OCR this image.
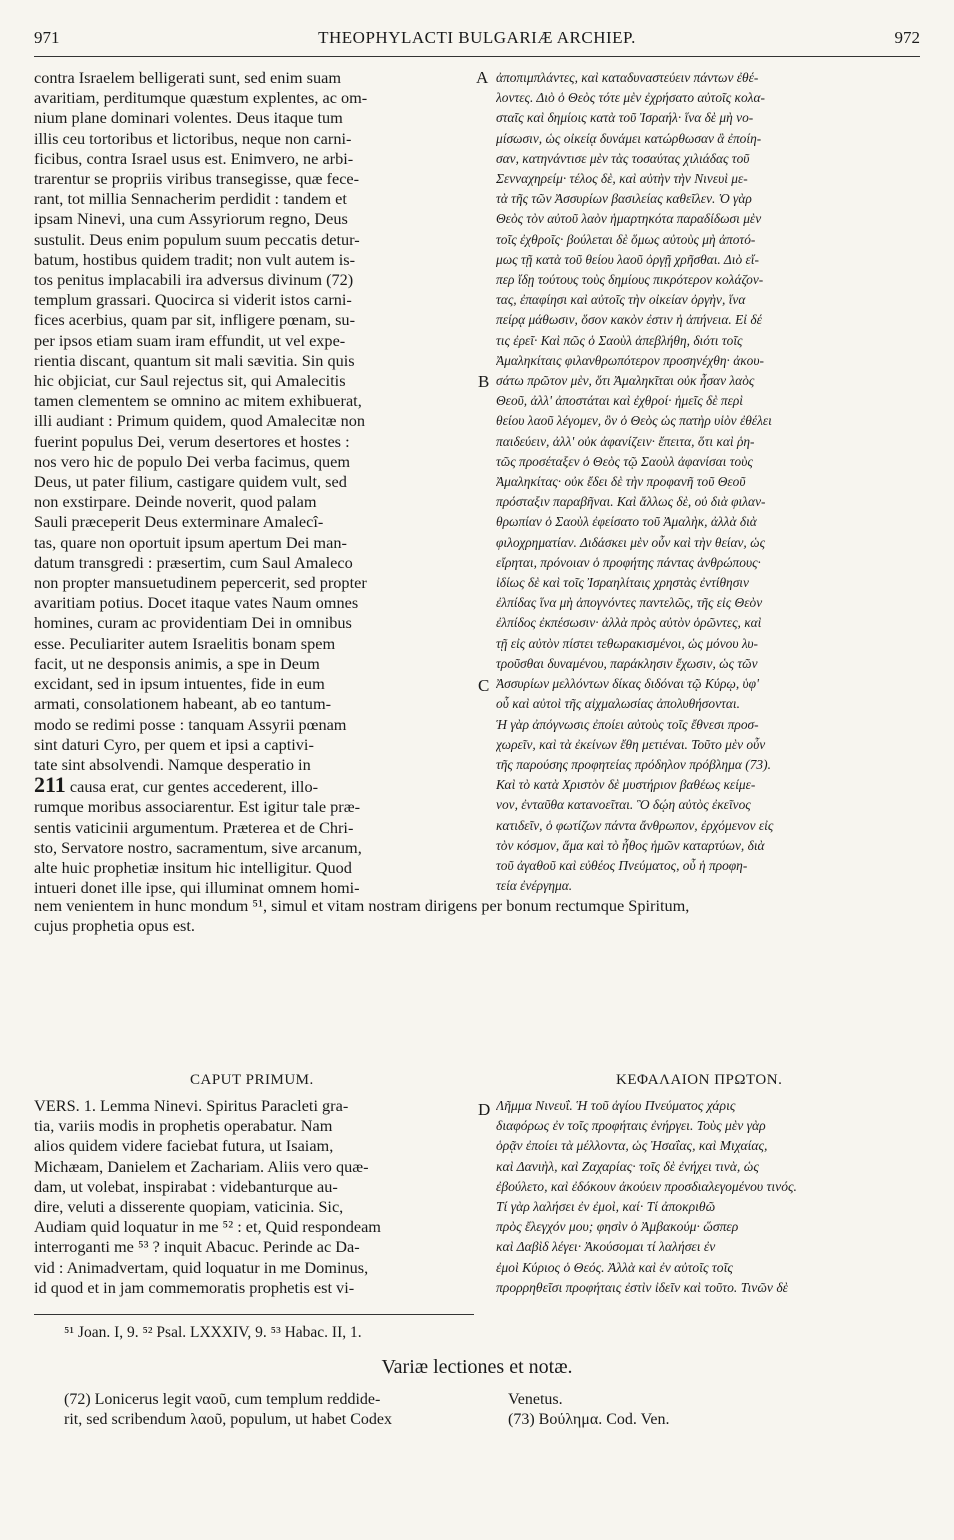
971	THEOPHYLACTI BULGARIÆ ARCHIEP.	972
contra Israelem belligerati sunt, sed enim suam
avaritiam, perditumque quæstum explentes, ac om-
nium plane dominari volentes. Deus itaque tum
illis ceu tortoribus et lictoribus, neque non carni-
ficibus, contra Israel usus est. Enimvero, ne arbi-
trarentur se propriis viribus transegisse, quæ fece-
rant, tot millia Sennacherim perdidit : tandem et
ipsam Ninevi, una cum Assyriorum regno, Deus
sustulit. Deus enim populum suum peccatis detur-
batum, hostibus quidem tradit; non vult autem is-
tos penitus implacabili ira adversus divinum (72)
templum grassari. Quocirca si viderit istos carni-
fices acerbius, quam par sit, infligere pœnam, su-
per ipsos etiam suam iram effundit, ut vel expe-
rientia discant, quantum sit mali sævitia. Sin quis
hic objiciat, cur Saul rejectus sit, qui Amalecitis
tamen clementem se omnino ac mitem exhibuerat,
illi audiant : Primum quidem, quod Amalecitæ non
fuerint populus Dei, verum desertores et hostes :
nos vero hic de populo Dei verba facimus, quem
Deus, ut pater filium, castigare quidem vult, sed
non exstirpare. Deinde noverit, quod palam
Sauli præceperit Deus exterminare Amalecî-
tas, quare non oportuit ipsum apertum Dei man-
datum transgredi : præsertim, cum Saul Amaleco
non propter mansuetudinem pepercerit, sed propter
avaritiam potius. Docet itaque vates Naum omnes
homines, curam ac providentiam Dei in omnibus
esse. Peculiariter autem Israelitis bonam spem
facit, ut ne desponsis animis, a spe in Deum
excidant, sed in ipsum intuentes, fide in eum
armati, consolationem habeant, ab eo tantum-
modo se redimi posse : tanquam Assyrii pœnam
sint daturi Cyro, per quem et ipsi a captivi-
tate sint absolvendi. Namque desperatio in
211 causa erat, cur gentes accederent, illo-
rumque moribus associarentur. Est igitur tale præ-
sentis vaticinii argumentum. Præterea et de Chri-
sto, Servatore nostro, sacramentum, sive arcanum,
alte huic prophetiæ insitum hic intelligitur. Quod
intueri donet ille ipse, qui illuminat omnem homi-
ἀποπιμπλάντες, καὶ καταδυναστεύειν πάντων ἐθέ-
λοντες. Διὸ ὁ Θεὸς τότε μὲν ἐχρήσατο αὐτοῖς κολα-
σταῖς καὶ δημίοις κατὰ τοῦ Ἰσραήλ· ἵνα δὲ μὴ νο-
μίσωσιν, ὡς οἰκείᾳ δυνάμει κατώρθωσαν ἃ ἐποίη-
σαν, κατηνάντισε μὲν τὰς τοσαύτας χιλιάδας τοῦ
Σενναχηρείμ· τέλος δὲ, καὶ αὐτὴν τὴν Νινευὶ με-
τὰ τῆς τῶν Ἀσσυρίων βασιλείας καθεῖλεν. Ὁ γὰρ
Θεὸς τὸν αὐτοῦ λαὸν ἡμαρτηκότα παραδίδωσι μὲν
τοῖς ἐχθροῖς· βούλεται δὲ ὅμως αὐτοὺς μὴ ἀποτό-
μως τῇ κατὰ τοῦ θείου λαοῦ ὀργῇ χρῆσθαι. Διὸ εἴ-
περ ἴδῃ τούτους τοὺς δημίους πικρότερον κολάζον-
τας, ἐπαφίησι καὶ αὐτοῖς τὴν οἰκείαν ὀργὴν, ἵνα
πείρᾳ μάθωσιν, ὅσον κακὸν ἐστιν ἡ ἀπήνεια. Εἰ δέ
τις ἐρεῖ· Καὶ πῶς ὁ Σαοὺλ ἀπεβλήθη, διότι τοῖς
Ἀμαληκίταις φιλανθρωπότερον προσηνέχθη· ἀκου-
σάτω πρῶτον μὲν, ὅτι Ἀμαληκῖται οὐκ ἦσαν λαὸς
Θεοῦ, ἀλλ' ἀποστάται καὶ ἐχθροί· ἡμεῖς δὲ περὶ
θείου λαοῦ λέγομεν, ὃν ὁ Θεὸς ὡς πατὴρ υἱὸν ἐθέλει
παιδεύειν, ἀλλ' οὐκ ἀφανίζειν· ἔπειτα, ὅτι καὶ ῥη-
τῶς προσέταξεν ὁ Θεὸς τῷ Σαοὺλ ἀφανίσαι τοὺς
Ἀμαληκίτας· οὐκ ἔδει δὲ τὴν προφανῆ τοῦ Θεοῦ
πρόσταξιν παραβῆναι. Καὶ ἄλλως δὲ, οὐ διὰ φιλαν-
θρωπίαν ὁ Σαοὺλ ἐφείσατο τοῦ Ἀμαλὴκ, ἀλλὰ διὰ
φιλοχρηματίαν. Διδάσκει μὲν οὖν καὶ τὴν θείαν, ὡς
εἴρηται, πρόνοιαν ὁ προφήτης πάντας ἀνθρώπους·
ἰδίως δὲ καὶ τοῖς Ἰσραηλίταις χρηστὰς ἐντίθησιν
ἐλπίδας ἵνα μὴ ἀπογνόντες παντελῶς, τῆς εἰς Θεὸν
ἐλπίδος ἐκπέσωσιν· ἀλλὰ πρὸς αὐτὸν ὁρῶντες, καὶ
τῇ εἰς αὐτὸν πίστει τεθωρακισμένοι, ὡς μόνου λυ-
τροῦσθαι δυναμένου, παράκλησιν ἔχωσιν, ὡς τῶν
Ἀσσυρίων μελλόντων δίκας διδόναι τῷ Κύρῳ, ὑφ'
οὗ καὶ αὐτοὶ τῆς αἰχμαλωσίας ἀπολυθήσονται.
Ἡ γὰρ ἀπόγνωσις ἐποίει αὐτοὺς τοῖς ἔθνεσι προσ-
χωρεῖν, καὶ τὰ ἐκείνων ἔθη μετιέναι. Τοῦτο μὲν οὖν
τῆς παρούσης προφητείας πρόδηλον πρόβλημα (73).
Καὶ τὸ κατὰ Χριστὸν δὲ μυστήριον βαθέως κείμε-
νον, ἐνταῦθα κατανοεῖται. Ὃ δῴη αὐτὸς ἐκεῖνος
κατιδεῖν, ὁ φωτίζων πάντα ἄνθρωπον, ἐρχόμενον εἰς
τὸν κόσμον, ἅμα καὶ τὸ ἦθος ἡμῶν καταρτύων, διὰ
τοῦ ἀγαθοῦ καὶ εὐθέος Πνεύματος, οὗ ἡ προφη-
τεία ἐνέργημα.
A
B
C
D
nem venientem in hunc mondum ⁵¹, simul et vitam nostram dirigens per bonum rectumque Spiritum,
cujus prophetia opus est.
CAPUT PRIMUM.	ΚΕΦΑΛΑΙΟΝ ΠΡΩΤΟΝ.
VERS. 1. Lemma Ninevi. Spiritus Paracleti gra-
tia, variis modis in prophetis operabatur. Nam
alios quidem videre faciebat futura, ut Isaiam,
Michæam, Danielem et Zachariam. Aliis vero quæ-
dam, ut volebat, inspirabat : videbanturque au-
dire, veluti a disserente quopiam, vaticinia. Sic,
Audiam quid loquatur in me ⁵² : et, Quid respondeam
interroganti me ⁵³ ? inquit Abacuc. Perinde ac Da-
vid : Animadvertam, quid loquatur in me Dominus,
id quod et in jam commemoratis prophetis est vi-
Λῆμμα Νινευΐ. Ἡ τοῦ ἁγίου Πνεύματος χάρις
διαφόρως ἐν τοῖς προφήταις ἐνήργει. Τοὺς μὲν γὰρ
ὁρᾷν ἐποίει τὰ μέλλοντα, ὡς Ἠσαΐας, καὶ Μιχαίας,
καὶ Δανιὴλ, καὶ Ζαχαρίας· τοῖς δὲ ἐνήχει τινὰ, ὡς
ἐβούλετο, καὶ ἐδόκουν ἀκούειν προσδιαλεγομένου τινός.
Τί γὰρ λαλήσει ἐν ἐμοὶ, καί· Τί ἀποκριθῶ
πρὸς ἔλεγχόν μου; φησὶν ὁ Ἀμβακούμ· ὥσπερ
καὶ Δαβὶδ λέγει· Ἀκούσομαι τί λαλήσει ἐν
ἐμοὶ Κύριος ὁ Θεός. Ἀλλὰ καὶ ἐν αὐτοῖς τοῖς
προρρηθεῖσι προφήταις ἐστὶν ἰδεῖν καὶ τοῦτο. Τινῶν δὲ
⁵¹ Joan. I, 9. ⁵² Psal. LXXXIV, 9. ⁵³ Habac. II, 1.
Variæ lectiones et notæ.
(72) Lonicerus legit ναοῦ, cum templum reddide-
rit, sed scribendum λαοῦ, populum, ut habet Codex
Venetus.
(73) Βούλημα. Cod. Ven.
